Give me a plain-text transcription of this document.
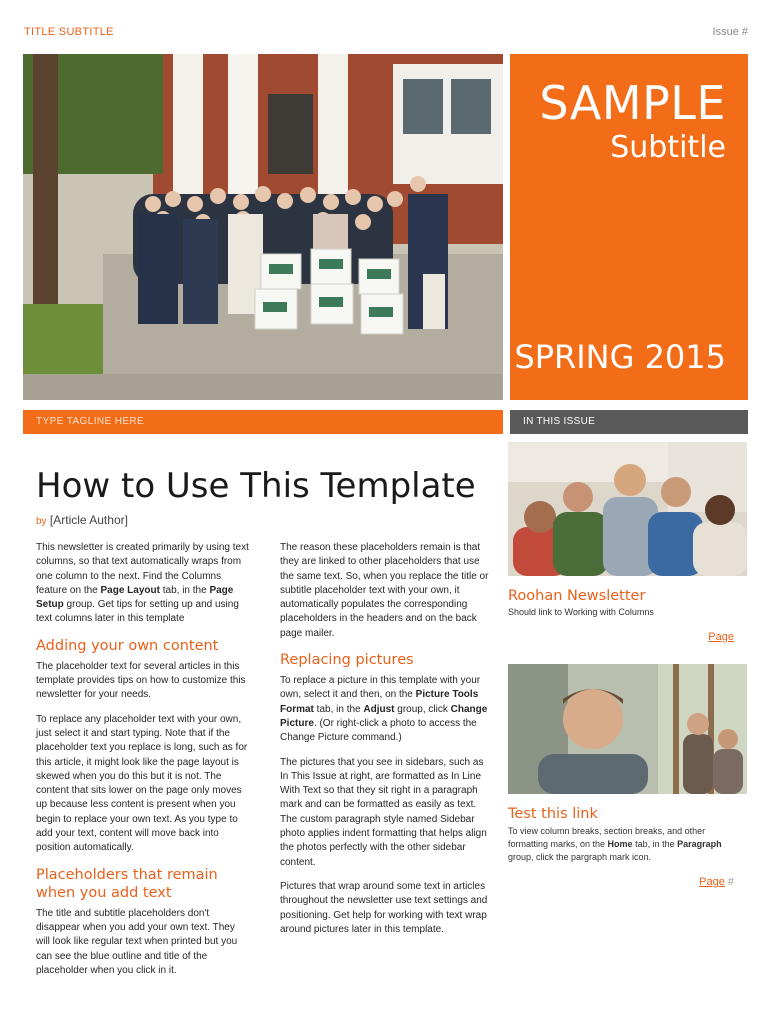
TITLE SUBTITLE	Issue #
SAMPLE
Subtitle
SPRING 2015
TYPE TAGLINE HERE	IN THIS ISSUE
How to Use This Template
by [Article Author]

This newsletter is created primarily by using text columns, so that text automatically wraps from one column to the next. Find the Columns feature on the Page Layout tab, in the Page Setup group. Get tips for setting up and using text columns later in this template

Adding your own content

The placeholder text for several articles in this template provides tips on how to customize this newsletter for your needs.

To replace any placeholder text with your own, just select it and start typing. Note that if the placeholder text you replace is long, such as for this article, it might look like the page layout is skewed when you do this but it is not. The content that sits lower on the page only moves up because less content is present when you begin to replace your own text. As you type to add your text, content will move back into position automatically.

Placeholders that remain when you add text

The title and subtitle placeholders don't disappear when you add your own text. They will look like regular text when printed but you can see the blue outline and title of the placeholder when you click in it.

The reason these placeholders remain is that they are linked to other placeholders that use the same text. So, when you replace the title or subtitle placeholder text with your own, it automatically populates the corresponding placeholders in the headers and on the back page mailer.

Replacing pictures

To replace a picture in this template with your own, select it and then, on the Picture Tools Format tab, in the Adjust group, click Change Picture. (Or right-click a photo to access the Change Picture command.)

The pictures that you see in sidebars, such as In This Issue at right, are formatted as In Line With Text so that they sit right in a paragraph mark and can be formatted as easily as text. The custom paragraph style named Sidebar photo applies indent formatting that helps align the photos perfectly with the other sidebar content.

Pictures that wrap around some text in articles throughout the newsletter use text settings and positioning. Get help for working with text wrap around pictures later in this template.

Roohan Newsletter
Should link to Working with Columns
Page
Test this link
To view column breaks, section breaks, and other formatting marks, on the Home tab, in the Paragraph group, click the pargraph mark icon.
Page #
